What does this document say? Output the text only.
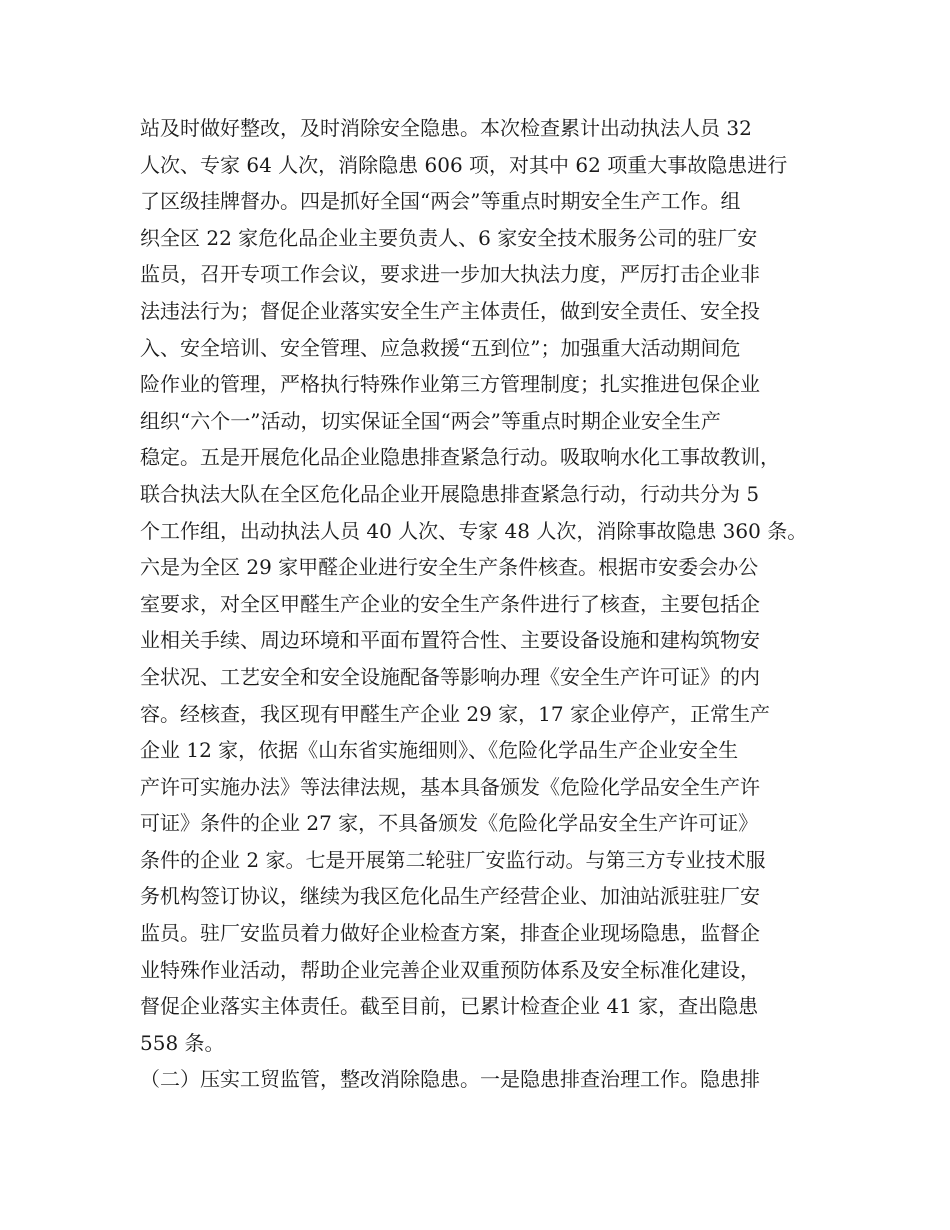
站及时做好整改，及时消除安全隐患。本次检查累计出动执法人员 32
人次、专家 64 人次，消除隐患 606 项，对其中 62 项重大事故隐患进行
了区级挂牌督办。四是抓好全国“两会”等重点时期安全生产工作。组
织全区 22 家危化品企业主要负责人、6 家安全技术服务公司的驻厂安
监员，召开专项工作会议，要求进一步加大执法力度，严厉打击企业非
法违法行为；督促企业落实安全生产主体责任，做到安全责任、安全投
入、安全培训、安全管理、应急救援“五到位”；加强重大活动期间危
险作业的管理，严格执行特殊作业第三方管理制度；扎实推进包保企业
组织“六个一”活动，切实保证全国“两会”等重点时期企业安全生产
稳定。五是开展危化品企业隐患排查紧急行动。吸取响水化工事故教训，
联合执法大队在全区危化品企业开展隐患排查紧急行动，行动共分为 5
个工作组，出动执法人员 40 人次、专家 48 人次，消除事故隐患 360 条。
六是为全区 29 家甲醛企业进行安全生产条件核查。根据市安委会办公
室要求，对全区甲醛生产企业的安全生产条件进行了核查，主要包括企
业相关手续、周边环境和平面布置符合性、主要设备设施和建构筑物安
全状况、工艺安全和安全设施配备等影响办理《安全生产许可证》的内
容。经核查，我区现有甲醛生产企业 29 家，17 家企业停产，正常生产
企业 12 家，依据《山东省实施细则》、《危险化学品生产企业安全生
产许可实施办法》等法律法规，基本具备颁发《危险化学品安全生产许
可证》条件的企业 27 家，不具备颁发《危险化学品安全生产许可证》
条件的企业 2 家。七是开展第二轮驻厂安监行动。与第三方专业技术服
务机构签订协议，继续为我区危化品生产经营企业、加油站派驻驻厂安
监员。驻厂安监员着力做好企业检查方案，排查企业现场隐患，监督企
业特殊作业活动，帮助企业完善企业双重预防体系及安全标准化建设，
督促企业落实主体责任。截至目前，已累计检查企业 41 家，查出隐患
558 条。
（二）压实工贸监管，整改消除隐患。一是隐患排查治理工作。隐患排
